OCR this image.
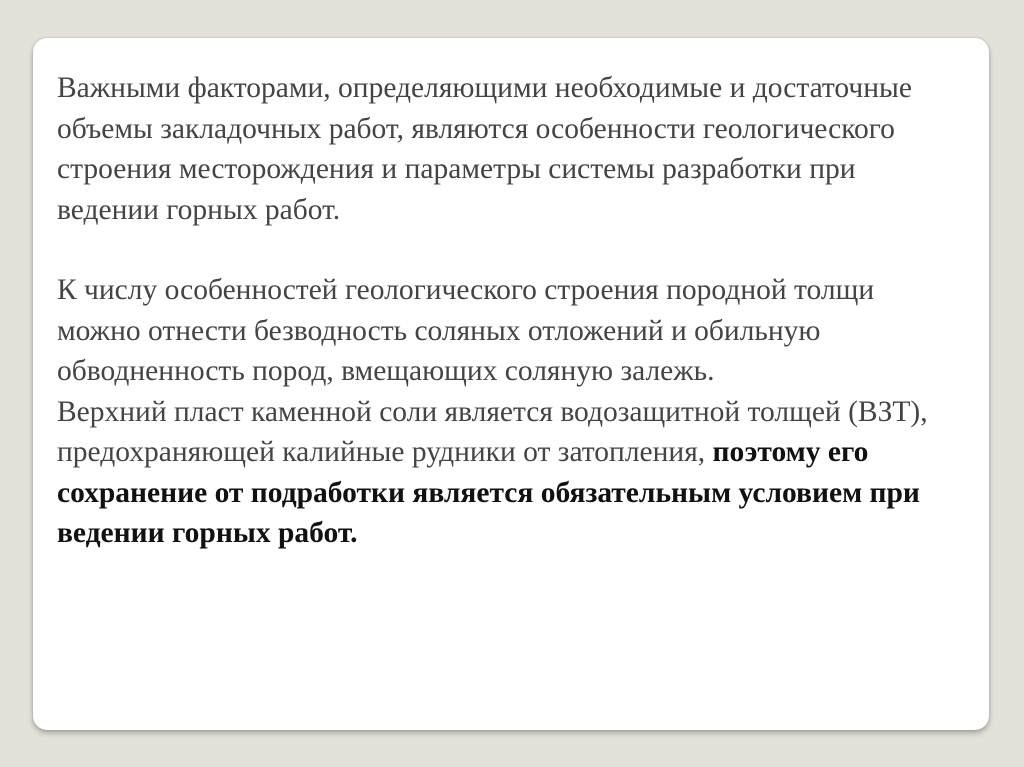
Важными факторами, определяющими необходимые и достаточные объемы закладочных работ, являются особенности геологического строения месторождения и параметры системы разработки при ведении горных работ.

К числу особенностей геологического строения породной толщи можно отнести безводность соляных отложений и обильную обводненность пород, вмещающих соляную залежь.

Верхний пласт каменной соли является водозащитной толщей (ВЗТ), предохраняющей калийные рудники от затопления, поэтому его сохранение от подработки является обязательным условием при ведении горных работ.
